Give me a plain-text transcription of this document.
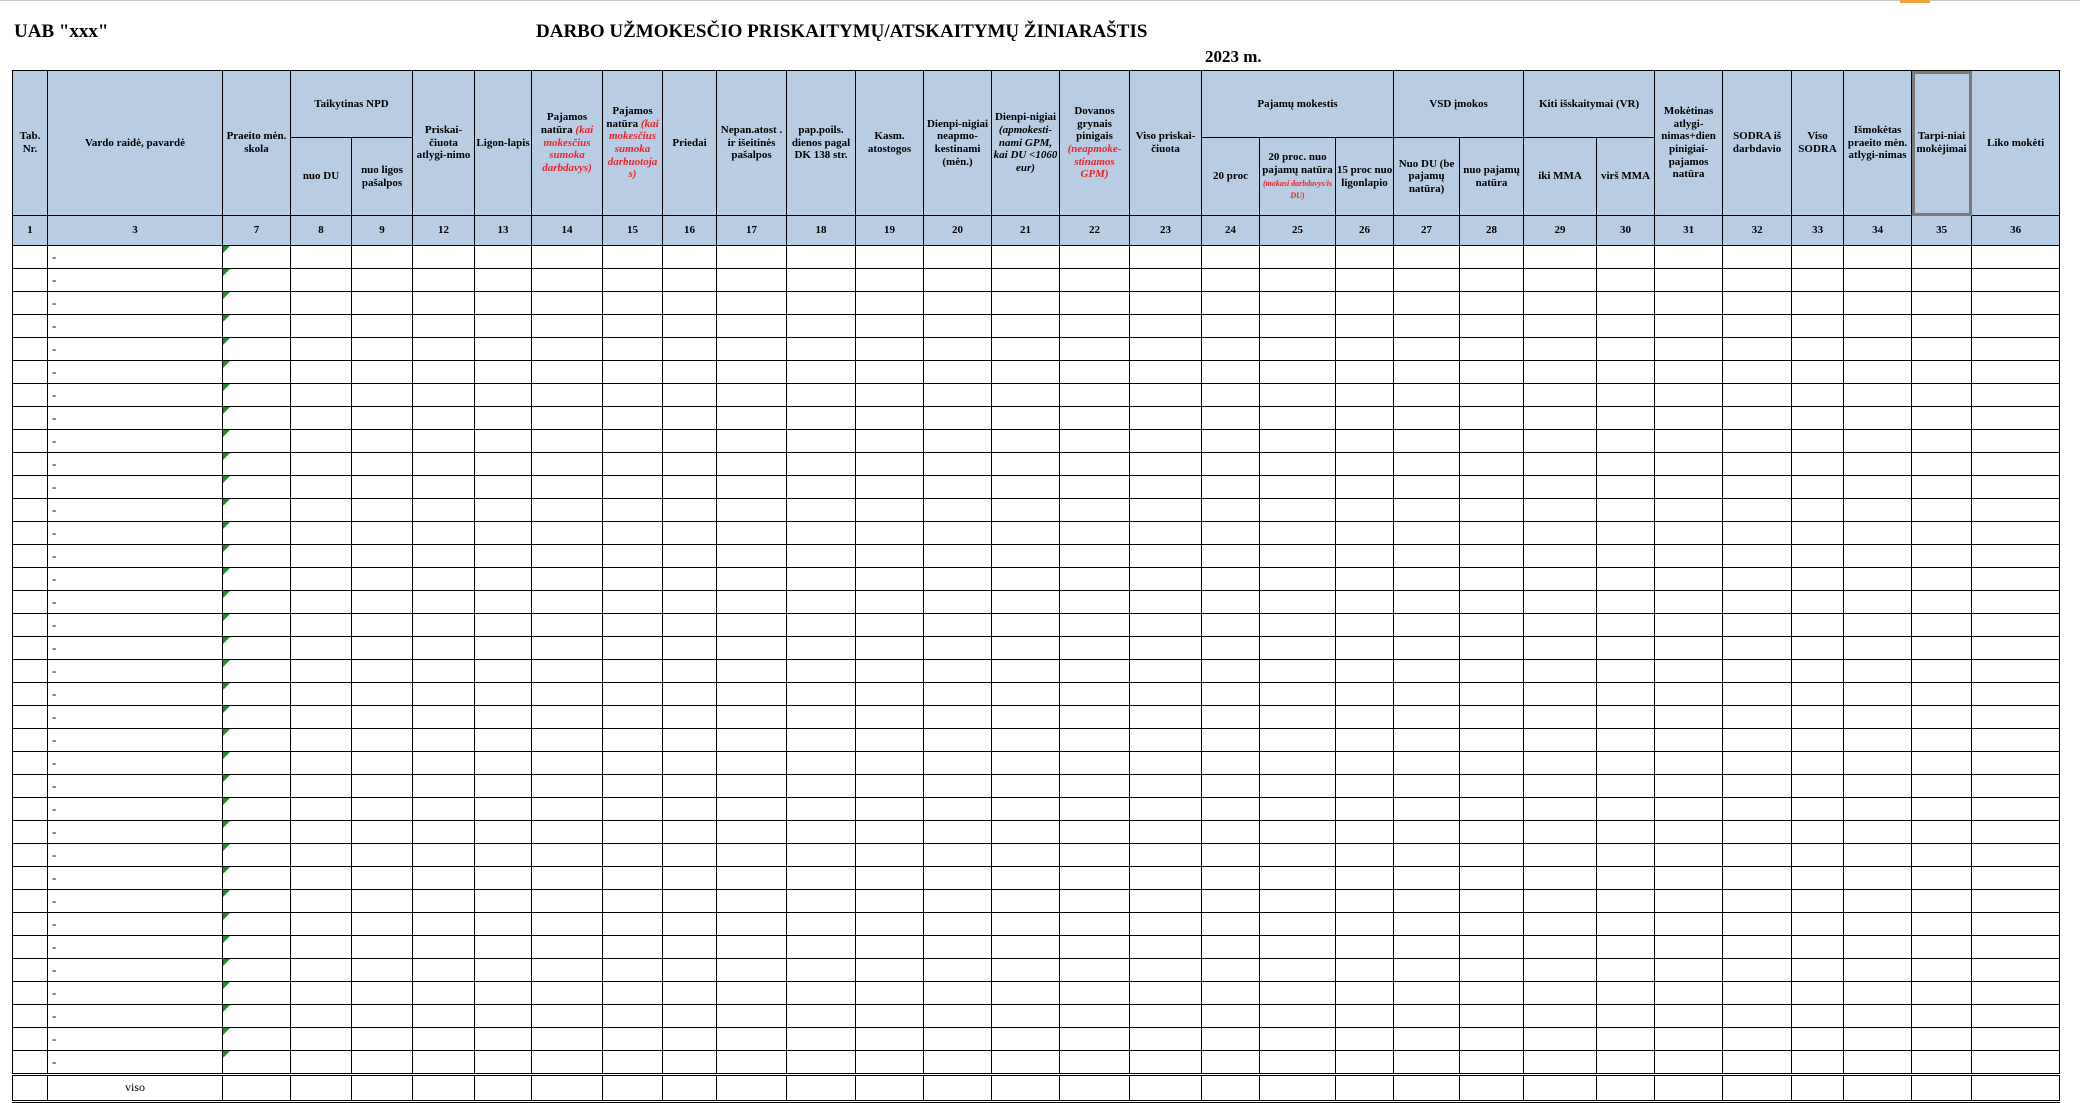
UAB "xxx"	DARBO UŽMOKESČIO PRISKAITYMŲ/ATSKAITYMŲ ŽINIARAŠTIS
2023 m.
Tab. Nr.	Vardo raidė, pavardė	Praeito mėn. skola	Taikytinas NPD		Priskai-čiuota atlygi-nimo	Ligon-lapis	Pajamos natūra (kai mokesčius sumoka darbdavys)	Pajamos natūra (kai mokesčius sumoka darbuotoja s)	Priedai	Nepan.atost . ir išeitinės pašalpos	pap.poils. dienos pagal DK 138 str.	Kasm. atostogos	Dienpi-nigiai neapmo-kestinami (mėn.)	Dienpi-nigiai (apmokesti-nami GPM, kai DU <1060 eur)	Dovanos grynais pinigais (neapmoke-stinamos GPM)	Viso priskai-čiuota	Pajamų mokestis			VSD įmokos		Kiti išskaitymai (VR)		Mokėtinas atlygi-nimas+dien pinigiai-pajamos natūra	SODRA iš darbdavio	Viso SODRA	Išmokėtas praeito mėn. atlygi-nimas	Tarpi-niai mokėjimai	Liko mokėti
			nuo DU	nuo ligos pašalpos													20 proc	20 proc. nuo pajamų natūra (mokasi darbdavys/is DU)	15 proc nuo ligonlapio	Nuo DU (be pajamų natūra)	nuo pajamų natūra	iki MMA	virš MMA						
1	3	7	8	9	12	13	14	15	16	17	18	19	20	21	22	23	24	25	26	27	28	29	30	31	32	33	34	35	36
	-																												
	-																												
	-																												
	-																												
	-																												
	-																												
	-																												
	-																												
	-																												
	-																												
	-																												
	-																												
	-																												
	-																												
	-																												
	-																												
	-																												
	-																												
	-																												
	-																												
	-																												
	-																												
	-																												
	-																												
	-																												
	-																												
	-																												
	-																												
	-																												
	-																												
	-																												
	-																												
	-																												
	-																												
	-																												
	-																												
	viso																												
